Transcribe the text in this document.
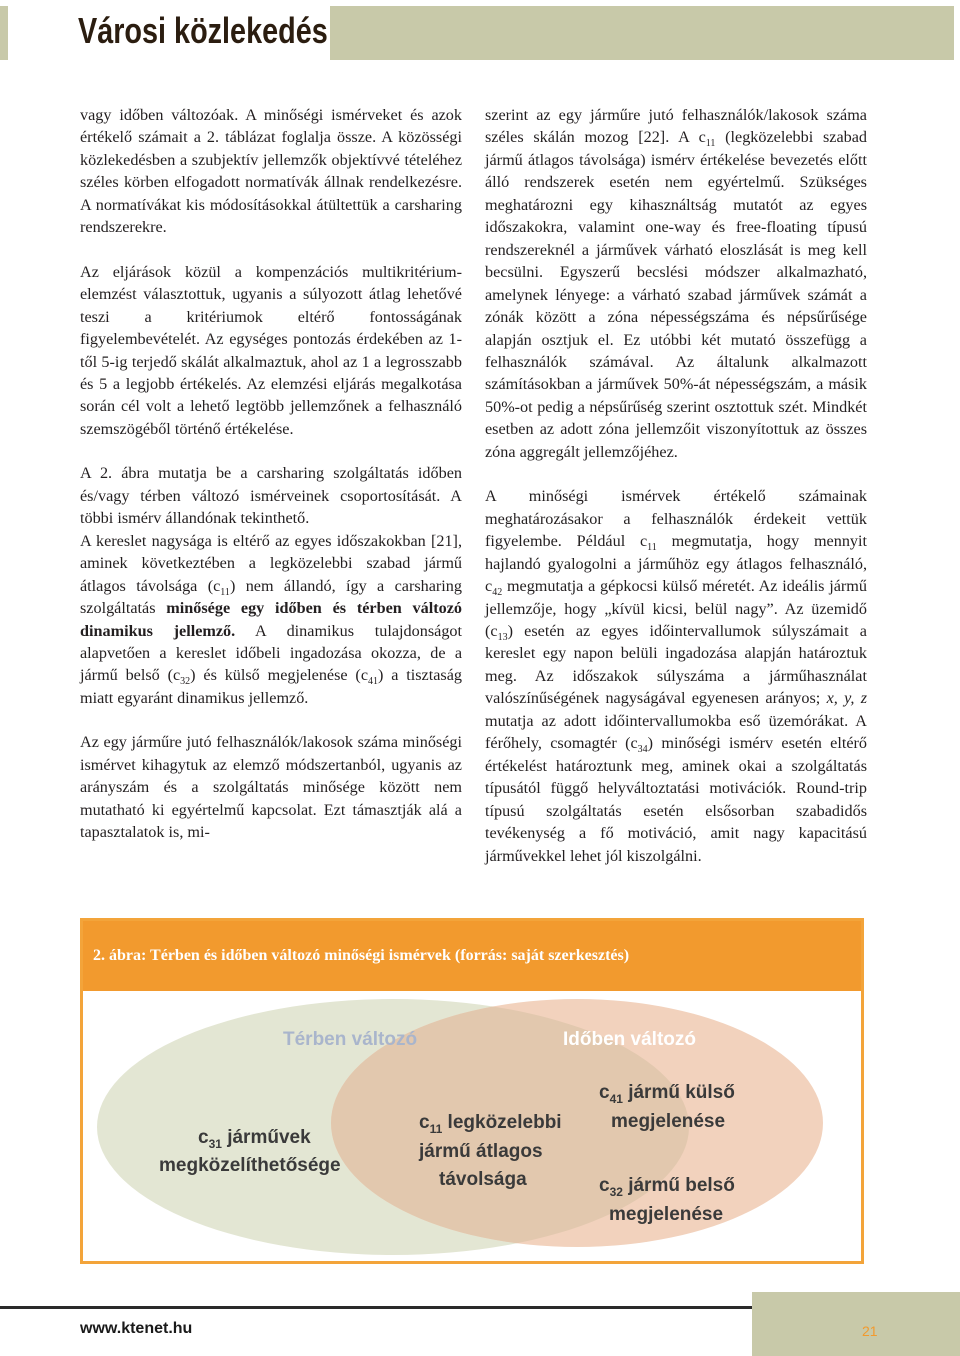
Városi közlekedés

vagy időben változóak. A minőségi ismérveket és azok értékelő számait a 2. táblázat foglalja össze. A közösségi közlekedésben a szubjektív jellemzők objektívvé tételéhez széles körben elfogadott normatívák állnak rendelkezésre. A normatívákat kis módosításokkal átültettük a carsharing rendszerekre.

Az eljárások közül a kompenzációs multikritérium-elemzést választottuk, ugyanis a súlyozott átlag lehetővé teszi a kritériumok eltérő fontosságának figyelembevételét. Az egységes pontozás érdekében az 1-től 5-ig terjedő skálát alkalmaztuk, ahol az 1 a legrosszabb és 5 a legjobb értékelés. Az elemzési eljárás megalkotása során cél volt a lehető legtöbb jellemzőnek a felhasználó szemszögéből történő értékelése.

A 2. ábra mutatja be a carsharing szolgáltatás időben és/vagy térben változó ismérveinek csoportosítását. A többi ismérv állandónak tekinthető.

A kereslet nagysága is eltérő az egyes időszakokban [21], aminek következtében a legközelebbi szabad jármű átlagos távolsága $(c_{11})$ nem állandó, így a carsharing szolgáltatás minősége egy időben és térben változó dinamikus jellemző. A dinamikus tulajdonságot alapvetően a kereslet időbeli ingadozása okozza, de a jármű belső $(c_{32})$ és külső megjelenése $(c_{41})$ a tisztaság miatt egyaránt dinamikus jellemző.

Az egy járműre jutó felhasználók/lakosok száma minőségi ismérvet kihagytuk az elemző módszertanból, ugyanis az arányszám és a szolgáltatás minősége között nem mutatható ki egyértelmű kapcsolat. Ezt támasztják alá a tapasztalatok is, mi-

szerint az egy járműre jutó felhasználók/lakosok száma széles skálán mozog [22]. A $c_{11}$ (legközelebbi szabad jármű átlagos távolsága) ismérv értékelése bevezetés előtt álló rendszerek esetén nem egyértelmű. Szükséges meghatározni egy kihasználtság mutatót az egyes időszakokra, valamint one-way és free-floating típusú rendszereknél a járművek várható eloszlását is meg kell becsülni. Egyszerű becslési módszer alkalmazható, amelynek lényege: a várható szabad járművek számát a zónák között a zóna népességszáma és népsűrűsége alapján osztjuk el. Ez utóbbi két mutató összefügg a felhasználók számával. Az általunk alkalmazott számításokban a járművek 50%-át népességszám, a másik 50%-ot pedig a népsűrűség szerint osztottuk szét. Mindkét esetben az adott zóna jellemzőit viszonyítottuk az összes zóna aggregált jellemzőjéhez.

A minőségi ismérvek értékelő számainak meghatározásakor a felhasználók érdekeit vettük figyelembe. Például $c_{11}$ megmutatja, hogy mennyit hajlandó gyalogolni a járműhöz egy átlagos felhasználó, $c_{42}$ megmutatja a gépkocsi külső méretét. Az ideális jármű jellemzője, hogy „kívül kicsi, belül nagy”. Az üzemidő $(c_{13})$ esetén az egyes időintervallumok súlyszámait a kereslet egy napon belüli ingadozása alapján határoztuk meg. Az időszakok súlyszáma a járműhasználat valószínűségének nagyságával egyenesen arányos; x, y, z mutatja az adott időintervallumokba eső üzemórákat. A férőhely, csomagtér $(c_{34})$ minőségi ismérv esetén eltérő értékelést határoztunk meg, aminek okai a szolgáltatás típusától függő helyváltoztatási motivációk. Round-trip típusú szolgáltatás esetén elsősorban szabadidős tevékenység a fő motiváció, amit nagy kapacitású járművekkel lehet jól kiszolgálni.

2. ábra: Térben és időben változó minőségi ismérvek (forrás: saját szerkesztés)
Térben változó	Időben változó
$c_{31}$ járművek
megközelíthetősége
$c_{11}$ legközelebbi
jármű átlagos
távolsága
$c_{41}$ jármű külső
megjelenése
$c_{32}$ jármű belső
megjelenése
www.ktenet.hu	21
